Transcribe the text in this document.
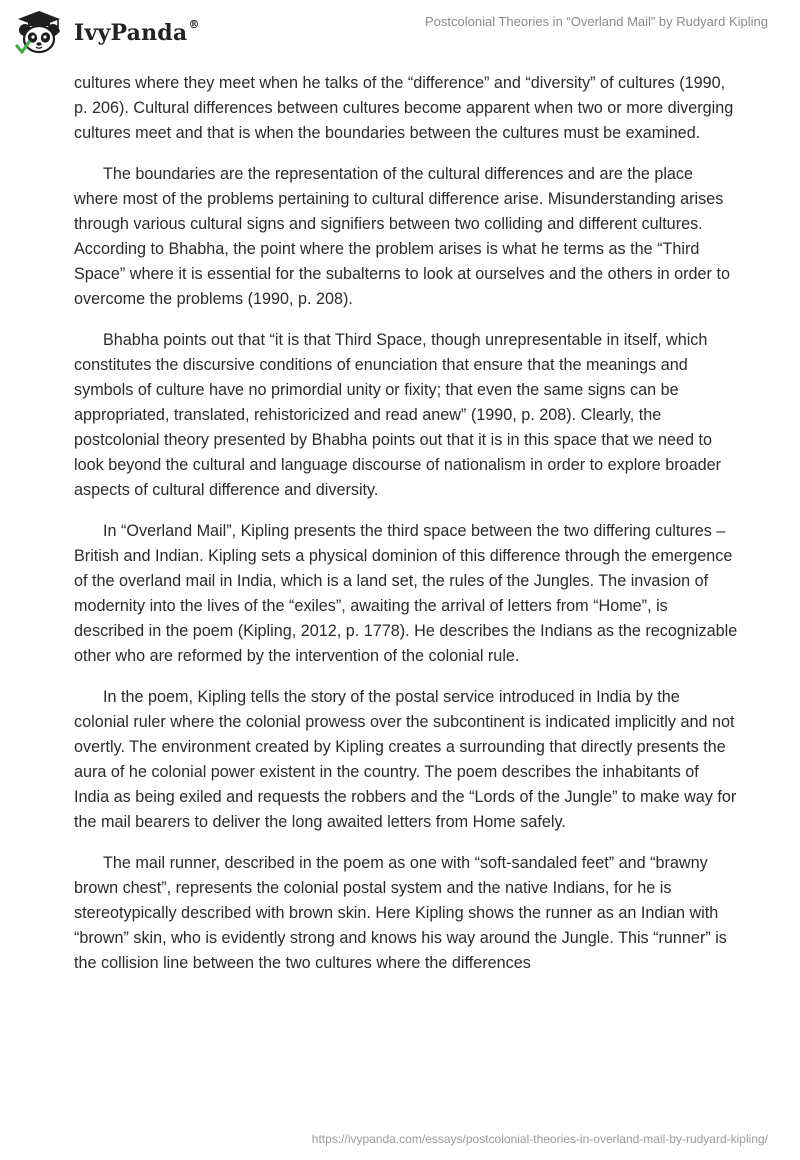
IvyPanda®	Postcolonial Theories in “Overland Mail” by Rudyard Kipling

cultures where they meet when he talks of the “difference” and “diversity” of cultures (1990, p. 206). Cultural differences between cultures become apparent when two or more diverging cultures meet and that is when the boundaries between the cultures must be examined.

The boundaries are the representation of the cultural differences and are the place where most of the problems pertaining to cultural difference arise. Misunderstanding arises through various cultural signs and signifiers between two colliding and different cultures. According to Bhabha, the point where the problem arises is what he terms as the “Third Space” where it is essential for the subalterns to look at ourselves and the others in order to overcome the problems (1990, p. 208).

Bhabha points out that “it is that Third Space, though unrepresentable in itself, which constitutes the discursive conditions of enunciation that ensure that the meanings and symbols of culture have no primordial unity or fixity; that even the same signs can be appropriated, translated, rehistoricized and read anew” (1990, p. 208). Clearly, the postcolonial theory presented by Bhabha points out that it is in this space that we need to look beyond the cultural and language discourse of nationalism in order to explore broader aspects of cultural difference and diversity.

In “Overland Mail”, Kipling presents the third space between the two differing cultures – British and Indian. Kipling sets a physical dominion of this difference through the emergence of the overland mail in India, which is a land set, the rules of the Jungles. The invasion of modernity into the lives of the “exiles”, awaiting the arrival of letters from “Home”, is described in the poem (Kipling, 2012, p. 1778). He describes the Indians as the recognizable other who are reformed by the intervention of the colonial rule.

In the poem, Kipling tells the story of the postal service introduced in India by the colonial ruler where the colonial prowess over the subcontinent is indicated implicitly and not overtly. The environment created by Kipling creates a surrounding that directly presents the aura of he colonial power existent in the country. The poem describes the inhabitants of India as being exiled and requests the robbers and the “Lords of the Jungle” to make way for the mail bearers to deliver the long awaited letters from Home safely.

The mail runner, described in the poem as one with “soft-sandaled feet” and “brawny brown chest”, represents the colonial postal system and the native Indians, for he is stereotypically described with brown skin. Here Kipling shows the runner as an Indian with “brown” skin, who is evidently strong and knows his way around the Jungle. This “runner” is the collision line between the two cultures where the differences

https://ivypanda.com/essays/postcolonial-theories-in-overland-mail-by-rudyard-kipling/
